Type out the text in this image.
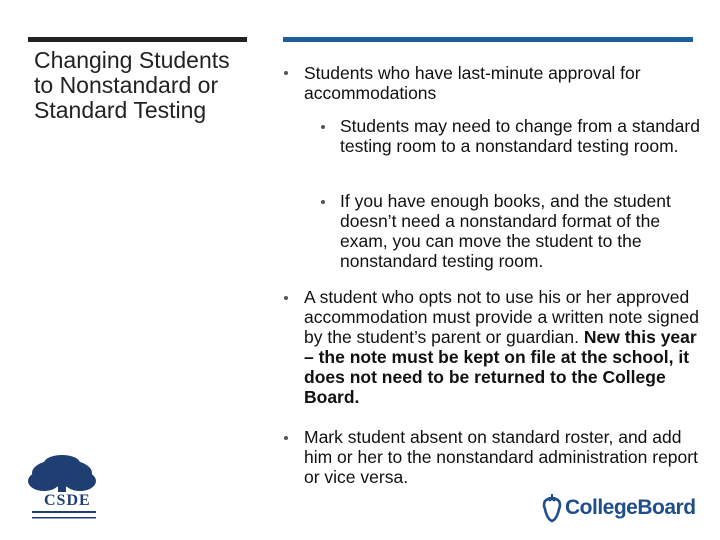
Changing Students to Nonstandard or Standard Testing
Students who have last-minute approval for accommodations
Students may need to change from a standard testing room to a nonstandard testing room.
If you have enough books, and the student doesn’t need a nonstandard format of the exam, you can move the student to the nonstandard testing room.
A student who opts not to use his or her approved accommodation must provide a written note signed by the student’s parent or guardian. New this year – the note must be kept on file at the school, it does not need to be returned to the College Board.
Mark student absent on standard roster, and add him or her to the nonstandard administration report or vice versa.
CSDE	CollegeBoard
